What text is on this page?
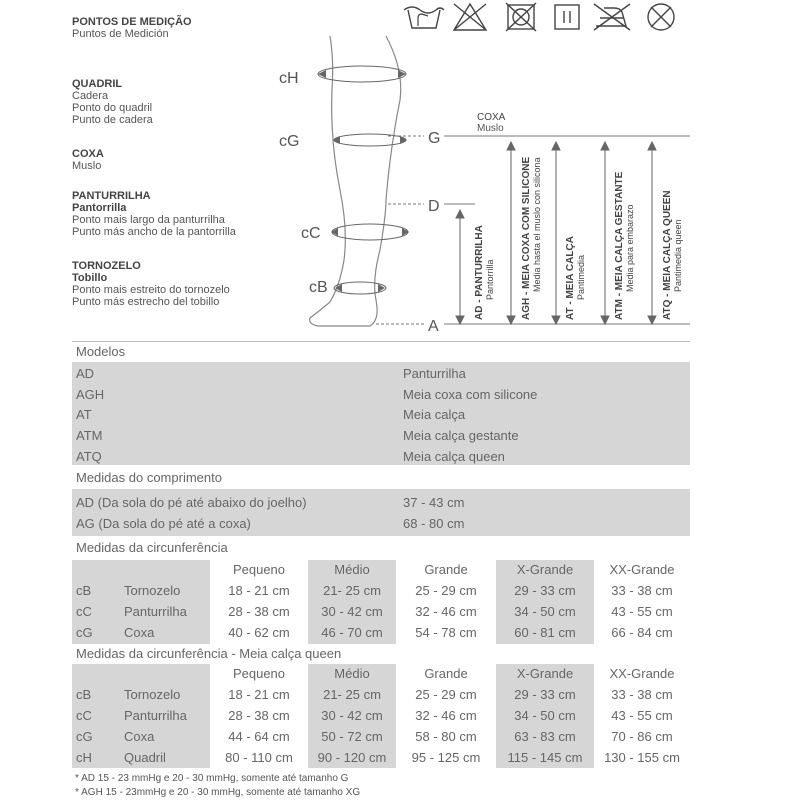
PONTOS DE MEDIÇÃO
Puntos de Medición
QUADRIL
Cadera
Ponto do quadril
Punto de cadera
COXA
Muslo
PANTURRILHA
Pantorrilla
Ponto mais largo da panturrilha
Punto más ancho de la pantorrilla
TORNOZELO
Tobillo
Ponto mais estreito do tornozelo
Punto más estrecho del tobillo
cH
cG
cC
cB
G
D
A
COXA
Muslo
AD - PANTURRILHA Pantorrilla	AGH - MEIA COXA COM SILICONE Media hasta el muslo con silicona AT - MEIA CALÇA Pantimedia	ATM - MEIA CALÇA GESTANTE Media para embarazo	ATQ - MEIA CALÇA QUEEN Pantimedia queen
Modelos
AD	Panturrilha
AGH	Meia coxa com silicone
AT	Meia calça
ATM	Meia calça gestante
ATQ	Meia calça queen
Medidas do comprimento
AD (Da sola do pé até abaixo do joelho)	37 - 43 cm
AG (Da sola do pé até a coxa)	68 - 80 cm
Medidas da circunferência
Pequeno	Médio	Grande	X-Grande	XX-Grande
cB	Tornozelo	18 - 21 cm	21- 25 cm	25 - 29 cm	29 - 33 cm	33 - 38 cm
cC Panturrilha	28 - 38 cm	30 - 42 cm	32 - 46 cm	34 - 50 cm	43 - 55 cm
cG Coxa	40 - 62 cm	46 - 70 cm	54 - 78 cm	60 - 81 cm	66 - 84 cm
Medidas da circunferência - Meia calça queen
Pequeno	Médio	Grande	X-Grande	XX-Grande
cB	Tornozelo	18 - 21 cm	21- 25 cm	25 - 29 cm	29 - 33 cm	33 - 38 cm
cC Panturrilha	28 - 38 cm	30 - 42 cm	32 - 46 cm	34 - 50 cm	43 - 55 cm
cG Coxa	44 - 64 cm	50 - 72 cm	58 - 80 cm	63 - 83 cm	70 - 86 cm
cH Quadril	80 - 110 cm	90 - 120 cm	95 - 125 cm	115 - 145 cm	130 - 155 cm
* AD 15 - 23 mmHg e 20 - 30 mmHg, somente até tamanho G
* AGH 15 - 23mmHg e 20 - 30 mmHg, somente até tamanho XG
